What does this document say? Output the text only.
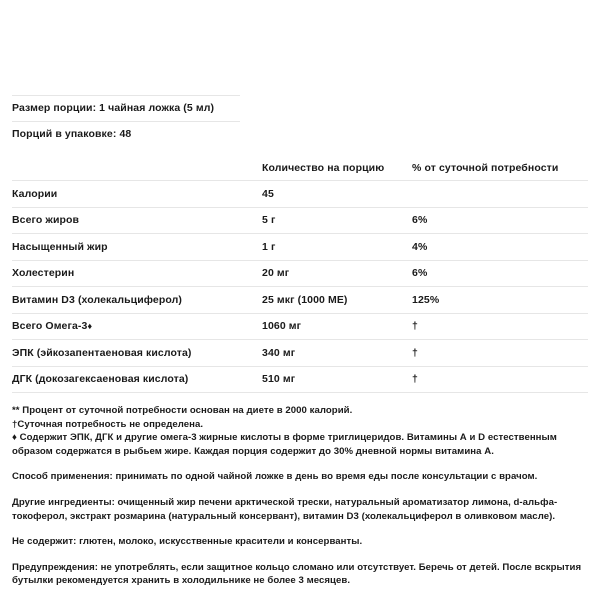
Размер порции: 1 чайная ложка (5 мл)
Порций в упаковке: 48
	Количество на порцию	% от суточной потребности
Калории	45	
Всего жиров	5 г	6%
Насыщенный жир	1 г	4%
Холестерин	20 мг	6%
Витамин D3 (холекальциферол)	25 мкг (1000 МЕ)	125%
Всего Омега-3♦	1060 мг	†
ЭПК (эйкозапентаеновая кислота)	340 мг	†
ДГК (докозагексаеновая кислота)	510 мг	†

** Процент от суточной потребности основан на диете в 2000 калорий.

†Суточная потребность не определена.

♦ Содержит ЭПК, ДГК и другие омега-3 жирные кислоты в форме триглицеридов. Витамины А и D естественным образом содержатся в рыбьем жире. Каждая порция содержит до 30% дневной нормы витамина А.

Способ применения: принимать по одной чайной ложке в день во время еды после консультации с врачом.

Другие ингредиенты: очищенный жир печени арктической трески, натуральный ароматизатор лимона, d-альфа-токоферол, экстракт розмарина (натуральный консервант), витамин D3 (холекальциферол в оливковом масле).

Не содержит: глютен, молоко, искусственные красители и консерванты.

Предупреждения: не употреблять, если защитное кольцо сломано или отсутствует. Беречь от детей. После вскрытия бутылки рекомендуется хранить в холодильнике не более 3 месяцев.
